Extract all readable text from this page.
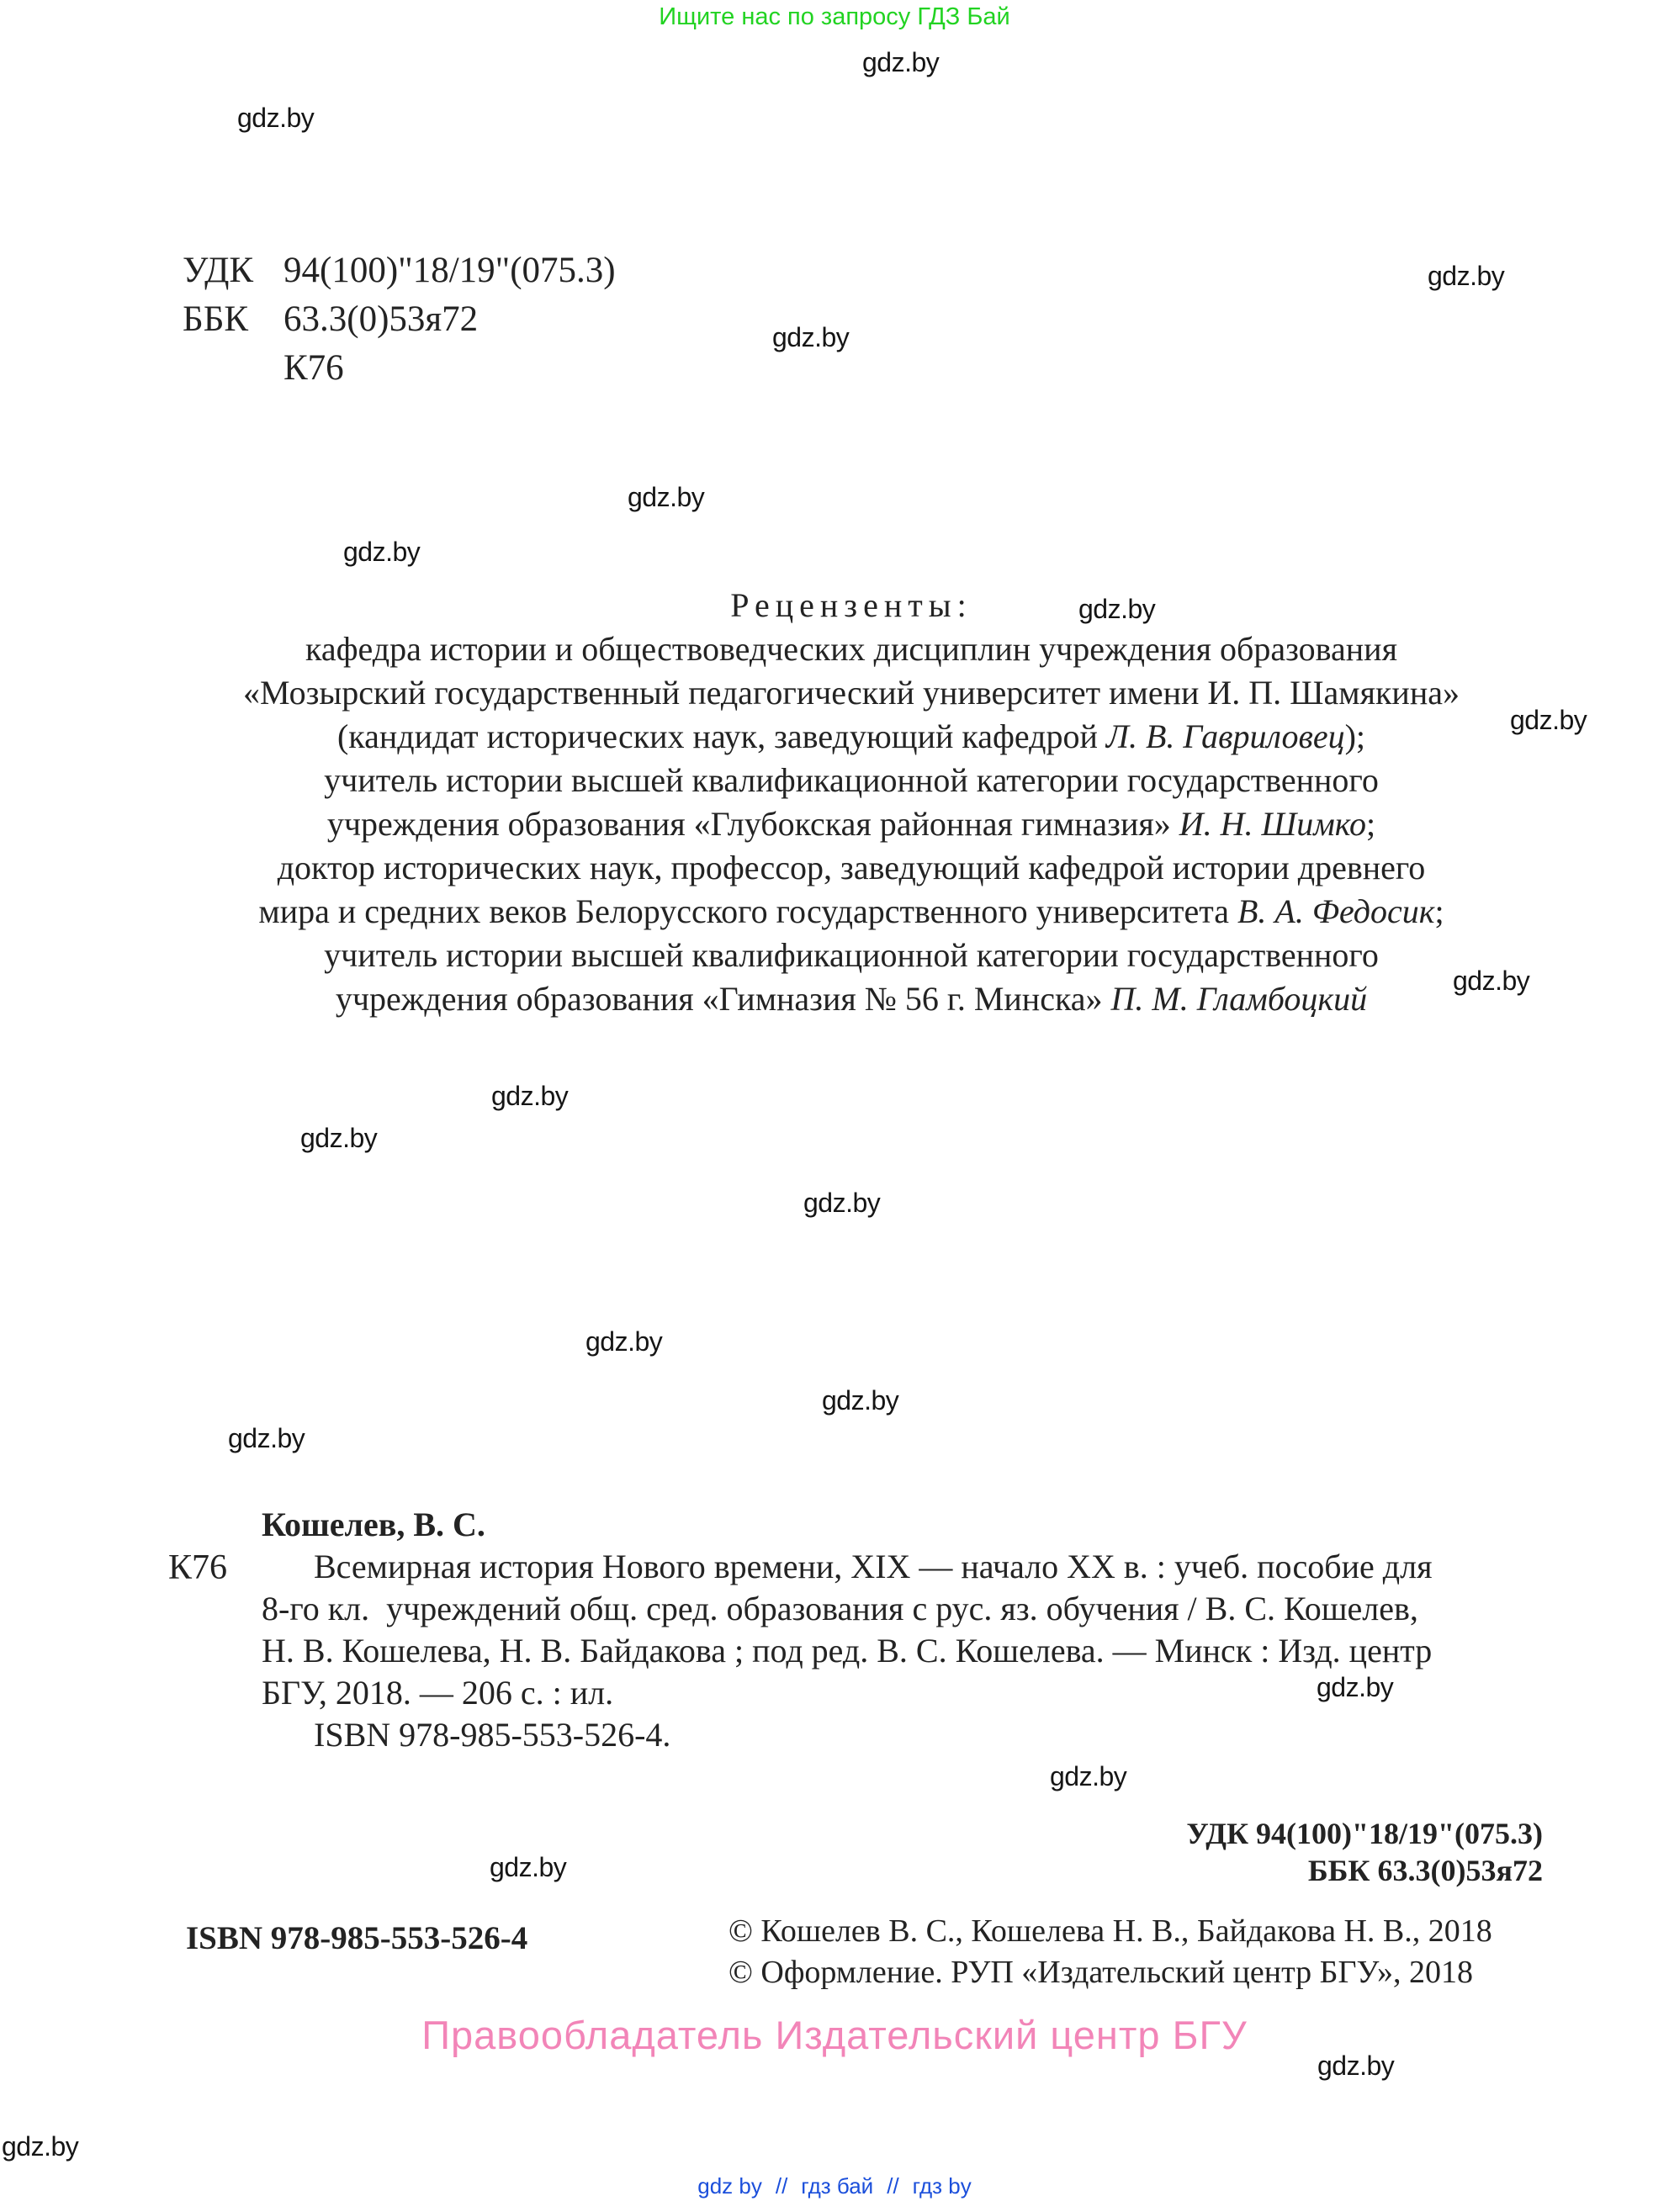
Ищите нас по запросу ГДЗ Бай
gdz.by
gdz.by
gdz.by
gdz.by
gdz.by
gdz.by
gdz.by
gdz.by
gdz.by
gdz.by
gdz.by
gdz.by
gdz.by
gdz.by
gdz.by
gdz.by
gdz.by
gdz.by
gdz.by
gdz.by
УДК 94(100)"18/19"(075.3)
ББК 63.3(0)53я72
К76
Рецензенты:
кафедра истории и обществоведческих дисциплин учреждения образования
«Мозырский государственный педагогический университет имени И. П. Шамякина»
(кандидат исторических наук, заведующий кафедрой Л. В. Гавриловец);
учитель истории высшей квалификационной категории государственного
учреждения образования «Глубокская районная гимназия» И. Н. Шимко;
доктор исторических наук, профессор, заведующий кафедрой истории древнего
мира и средних веков Белорусского государственного университета В. А. Федосик;
учитель истории высшей квалификационной категории государственного
учреждения образования «Гимназия № 56 г. Минска» П. М. Гламбоцкий
К76
Кошелев, В. С.
Всемирная история Нового времени, XIX — начало XX в. : учеб. пособие для
8-го кл.  учреждений общ. сред. образования с рус. яз. обучения / В. С. Кошелев,
Н. В. Кошелева, Н. В. Байдакова ; под ред. В. С. Кошелева. — Минск : Изд. центр
БГУ, 2018. — 206 с. : ил.
ISBN 978-985-553-526-4.
УДК 94(100)"18/19"(075.3)
ББК 63.3(0)53я72
ISBN 978-985-553-526-4	© Кошелев В. С., Кошелева Н. В., Байдакова Н. В., 2018
© Оформление. РУП «Издательский центр БГУ», 2018
Правообладатель Издательский центр БГУ
gdz by // гдз бай // гдз by
